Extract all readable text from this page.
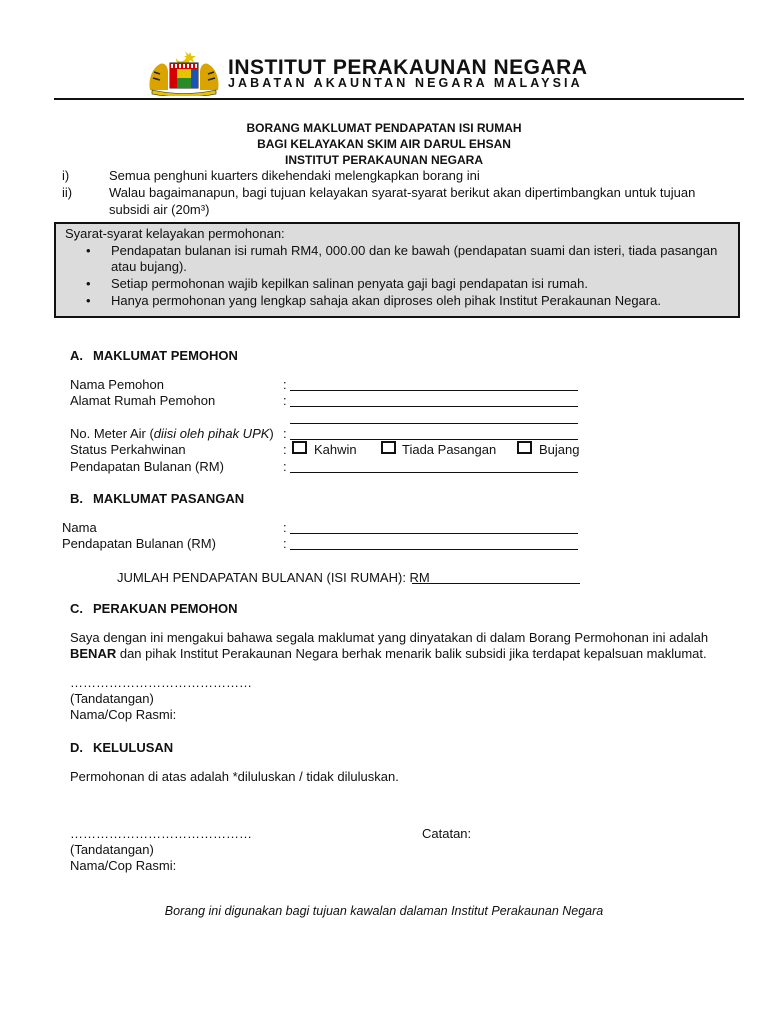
INSTITUT PERAKAUNAN NEGARA
JABATAN AKAUNTAN NEGARA MALAYSIA
BORANG MAKLUMAT PENDAPATAN ISI RUMAH
BAGI KELAYAKAN SKIM AIR DARUL EHSAN
INSTITUT PERAKAUNAN NEGARA
i)	Semua penghuni kuarters dikehendaki melengkapkan borang ini
ii)	Walau bagaimanapun, bagi tujuan kelayakan syarat-syarat berikut akan dipertimbangkan untuk tujuan
subsidi air (20m³)
Syarat-syarat kelayakan permohonan:
• Pendapatan bulanan isi rumah RM4, 000.00 dan ke bawah (pendapatan suami dan isteri, tiada pasangan
atau bujang).
• Setiap permohonan wajib kepilkan salinan penyata gaji bagi pendapatan isi rumah.
• Hanya permohonan yang lengkap sahaja akan diproses oleh pihak Institut Perakaunan Negara.
A. MAKLUMAT PEMOHON
Nama Pemohon	:
Alamat Rumah Pemohon	:
No. Meter Air (diisi oleh pihak UPK) :
Status Perkahwinan	: Kahwin	Tiada Pasangan	Bujang
Pendapatan Bulanan (RM)	:
B. MAKLUMAT PASANGAN
Nama	:
Pendapatan Bulanan (RM)	:
JUMLAH PENDAPATAN BULANAN (ISI RUMAH): RM
C. PERAKUAN PEMOHON
Saya dengan ini mengakui bahawa segala maklumat yang dinyatakan di dalam Borang Permohonan ini adalah
BENAR dan pihak Institut Perakaunan Negara berhak menarik balik subsidi jika terdapat kepalsuan maklumat.
……………………………………
(Tandatangan)
Nama/Cop Rasmi:
D. KELULUSAN
Permohonan di atas adalah *diluluskan / tidak diluluskan.
……………………………………	Catatan:
(Tandatangan)
Nama/Cop Rasmi:
Borang ini digunakan bagi tujuan kawalan dalaman Institut Perakaunan Negara
